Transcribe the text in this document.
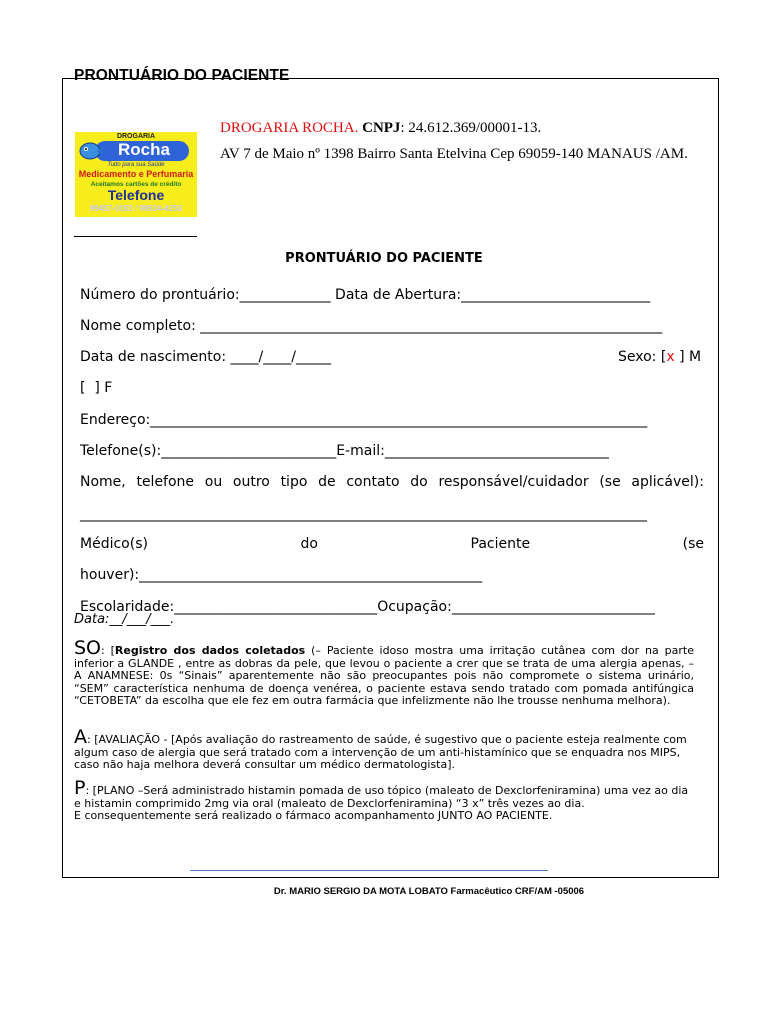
PRONTUÁRIO DO PACIENTE
DROGARIA
Rocha
Tudo para sua Saúde
Medicamento e Perfumaria
Aceitamos cartões de crédito
Telefone
99457-0152 / 99534-4253
DROGARIA ROCHA. CNPJ: 24.612.369/00001-13.
AV 7 de Maio nº 1398 Bairro Santa Etelvina Cep 69059-140 MANAUS /AM.
PRONTUÁRIO DO PACIENTE
Número do prontuário:_____________ Data de Abertura:___________________________
Nome completo: __________________________________________________________________
Data de nascimento: ____/____/_____	Sexo: [x ] M
[  ] F
Endereço:_______________________________________________________________________
Telefone(s):_________________________E-mail:________________________________
Nome, telefone ou outro tipo de contato do responsável/cuidador (se aplicável):
_________________________________________________________________________________
Médico(s)	do	Paciente	(se
houver):_________________________________________________
Escolaridade:_____________________________Ocupação:_____________________________
Data:__/___/___.
SO: [Registro dos dados coletados (– Paciente idoso mostra uma irritação cutânea com dor na parte inferior a GLANDE , entre as dobras da pele, que levou o paciente a crer que se trata de uma alergia apenas, – A ANAMNESE: 0s “Sinais” aparentemente não são preocupantes pois não compromete o sistema urinário, “SEM” característica nenhuma de doença venérea, o paciente estava sendo tratado com pomada antifúngica “CETOBETA” da escolha que ele fez em outra farmácia que infelizmente não lhe trousse nenhuma melhora).
A: [AVALIAÇÃO - [Após avaliação do rastreamento de saúde, é sugestivo que o paciente esteja realmente com algum caso de alergia que será tratado com a intervenção de um anti-histamínico que se enquadra nos MIPS, caso não haja melhora deverá consultar um médico dermatologista].
P: [PLANO –Será administrado histamin pomada de uso tópico (maleato de Dexclorfeniramina) uma vez ao dia e histamin comprimido 2mg via oral (maleato de Dexclorfeniramina) “3 x” três vezes ao dia.
E consequentemente será realizado o fármaco acompanhamento JUNTO AO PACIENTE.
Dr. MARIO SERGIO DA MOTA LOBATO Farmacêutico CRF/AM -05006
